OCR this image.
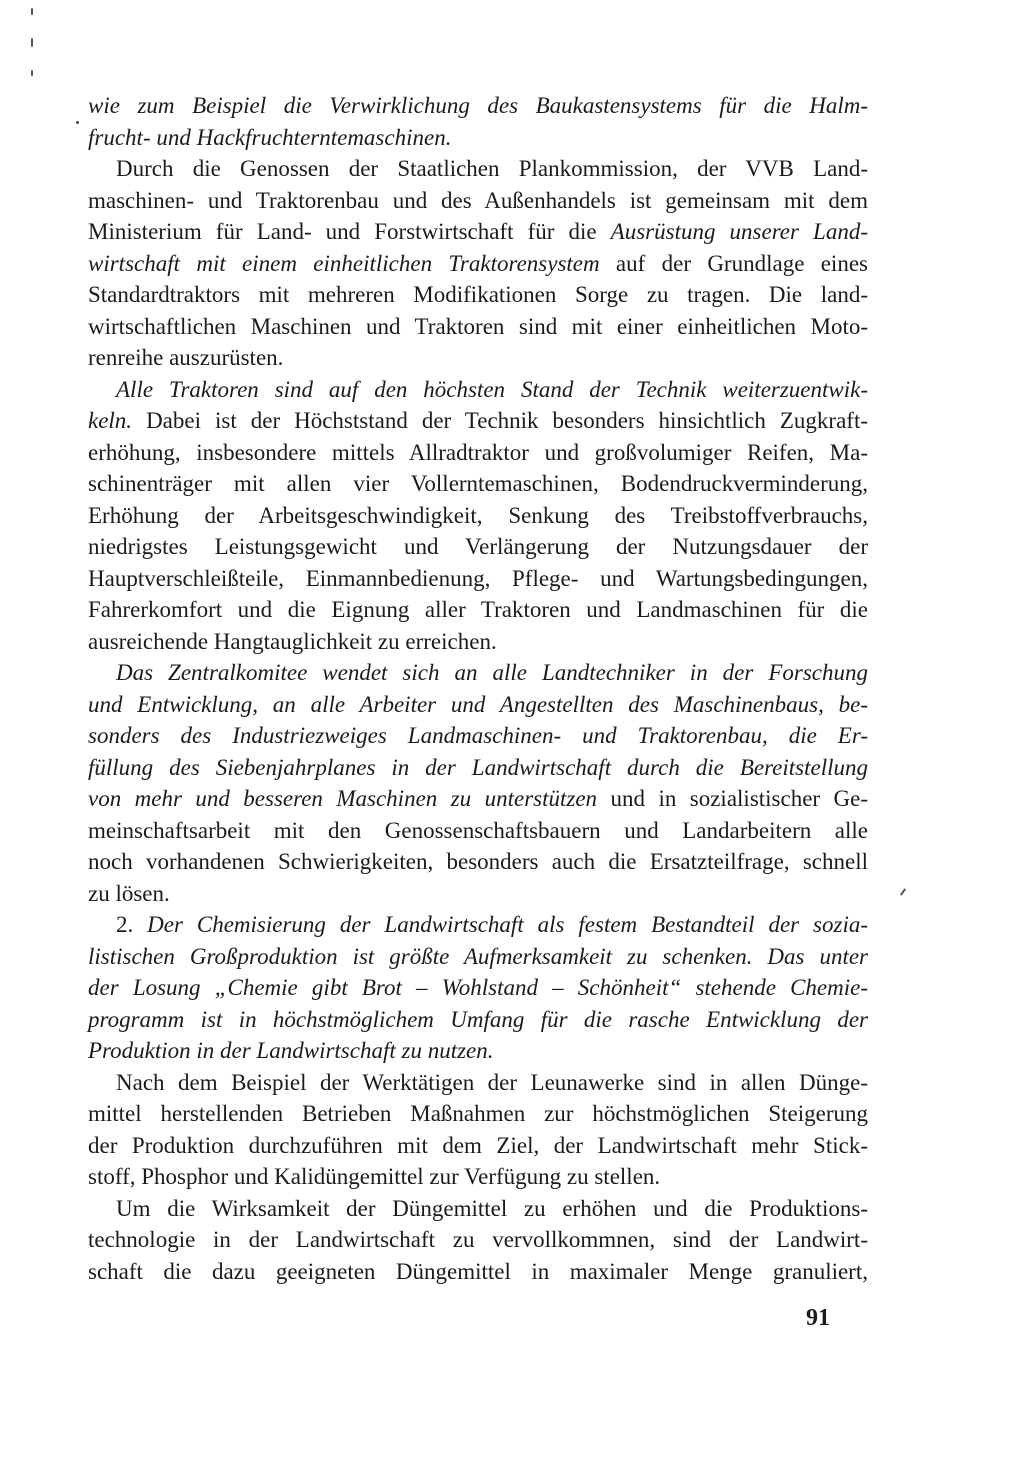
wie zum Beispiel die Verwirklichung des Baukastensystems für die Halm-
frucht- und Hackfruchterntemaschinen.
Durch die Genossen der Staatlichen Plankommission, der VVB Land-
maschinen- und Traktorenbau und des Außenhandels ist gemeinsam mit dem
Ministerium für Land- und Forstwirtschaft für die Ausrüstung unserer Land-
wirtschaft mit einem einheitlichen Traktorensystem auf der Grundlage eines
Standardtraktors mit mehreren Modifikationen Sorge zu tragen. Die land-
wirtschaftlichen Maschinen und Traktoren sind mit einer einheitlichen Moto-
renreihe auszurüsten.
Alle Traktoren sind auf den höchsten Stand der Technik weiterzuentwik-
keln. Dabei ist der Höchststand der Technik besonders hinsichtlich Zugkraft-
erhöhung, insbesondere mittels Allradtraktor und großvolumiger Reifen, Ma-
schinenträger mit allen vier Vollerntemaschinen, Bodendruckverminderung,
Erhöhung der Arbeitsgeschwindigkeit, Senkung des Treibstoffverbrauchs,
niedrigstes Leistungsgewicht und Verlängerung der Nutzungsdauer der
Hauptverschleißteile, Einmannbedienung, Pflege- und Wartungsbedingungen,
Fahrerkomfort und die Eignung aller Traktoren und Landmaschinen für die
ausreichende Hangtauglichkeit zu erreichen.
Das Zentralkomitee wendet sich an alle Landtechniker in der Forschung
und Entwicklung, an alle Arbeiter und Angestellten des Maschinenbaus, be-
sonders des Industriezweiges Landmaschinen- und Traktorenbau, die Er-
füllung des Siebenjahrplanes in der Landwirtschaft durch die Bereitstellung
von mehr und besseren Maschinen zu unterstützen und in sozialistischer Ge-
meinschaftsarbeit mit den Genossenschaftsbauern und Landarbeitern alle
noch vorhandenen Schwierigkeiten, besonders auch die Ersatzteilfrage, schnell
zu lösen.
2. Der Chemisierung der Landwirtschaft als festem Bestandteil der sozia-
listischen Großproduktion ist größte Aufmerksamkeit zu schenken. Das unter
der Losung „Chemie gibt Brot – Wohlstand – Schönheit“ stehende Chemie-
programm ist in höchstmöglichem Umfang für die rasche Entwicklung der
Produktion in der Landwirtschaft zu nutzen.
Nach dem Beispiel der Werktätigen der Leunawerke sind in allen Dünge-
mittel herstellenden Betrieben Maßnahmen zur höchstmöglichen Steigerung
der Produktion durchzuführen mit dem Ziel, der Landwirtschaft mehr Stick-
stoff, Phosphor und Kalidüngemittel zur Verfügung zu stellen.
Um die Wirksamkeit der Düngemittel zu erhöhen und die Produktions-
technologie in der Landwirtschaft zu vervollkommnen, sind der Landwirt-
schaft die dazu geeigneten Düngemittel in maximaler Menge granuliert,
91
